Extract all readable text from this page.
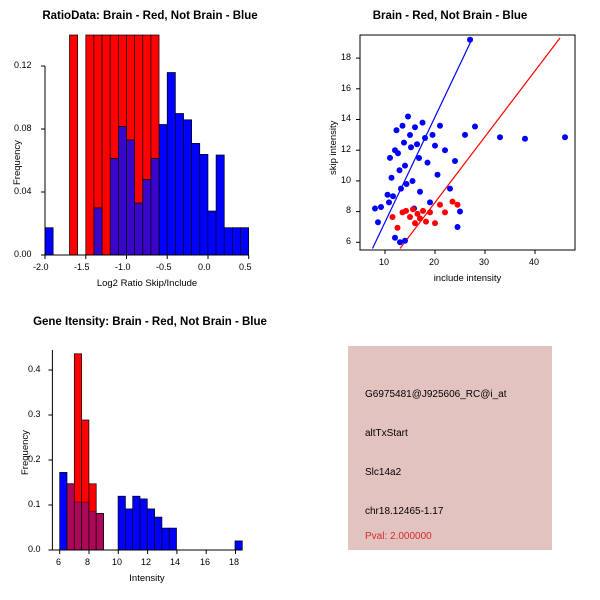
RatioData: Brain - Red, Not Brain - Blue
-2.0	-1.5	-1.0	-0.5	0.0	0.5
0.00
0.04
0.08
0.12
Log2 Ratio Skip/Include
Frequency
Brain - Red, Not Brain - Blue
10	20	30	40
6
8
10
12
14
16
18
include intensity
skip intensity
Gene Itensity: Brain - Red, Not Brain - Blue
6	8 10 12 14 16 18
0.0
0.1
0.2
0.3
0.4
Intensity
Frequency
G6975481@J925606_RC@i_at
altTxStart
Slc14a2
chr18.12465-1.17
Pval: 2.000000
